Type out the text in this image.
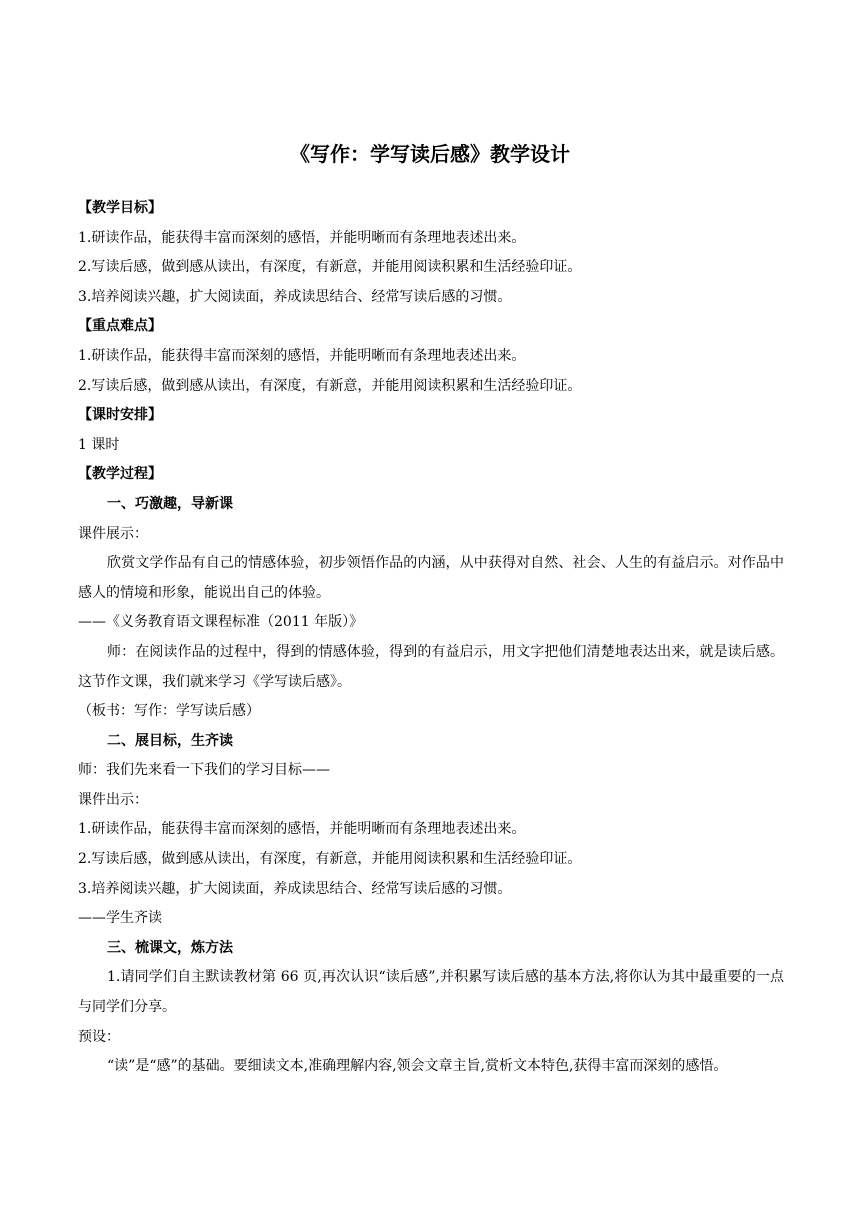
《写作：学写读后感》教学设计

【教学目标】

1.研读作品，能获得丰富而深刻的感悟，并能明晰而有条理地表述出来。

2.写读后感，做到感从读出，有深度，有新意，并能用阅读积累和生活经验印证。

3.培养阅读兴趣，扩大阅读面，养成读思结合、经常写读后感的习惯。

【重点难点】

1.研读作品，能获得丰富而深刻的感悟，并能明晰而有条理地表述出来。

2.写读后感，做到感从读出，有深度，有新意，并能用阅读积累和生活经验印证。

【课时安排】

1 课时

【教学过程】

一、巧激趣，导新课

课件展示：

欣赏文学作品有自己的情感体验，初步领悟作品的内涵，从中获得对自然、社会、人生的有益启示。对作品中感人的情境和形象，能说出自己的体验。

——《义务教育语文课程标准（2011 年版）》

师：在阅读作品的过程中，得到的情感体验，得到的有益启示，用文字把他们清楚地表达出来，就是读后感。这节作文课，我们就来学习《学写读后感》。

（板书：写作：学写读后感）

二、展目标，生齐读

师：我们先来看一下我们的学习目标——

课件出示：

1.研读作品，能获得丰富而深刻的感悟，并能明晰而有条理地表述出来。

2.写读后感，做到感从读出，有深度，有新意，并能用阅读积累和生活经验印证。

3.培养阅读兴趣，扩大阅读面，养成读思结合、经常写读后感的习惯。

——学生齐读

三、梳课文，炼方法

1.请同学们自主默读教材第 66 页,再次认识“读后感”,并积累写读后感的基本方法,将你认为其中最重要的一点与同学们分享。

预设：

“读”是“感”的基础。要细读文本,准确理解内容,领会文章主旨,赏析文本特色,获得丰富而深刻的感悟。
